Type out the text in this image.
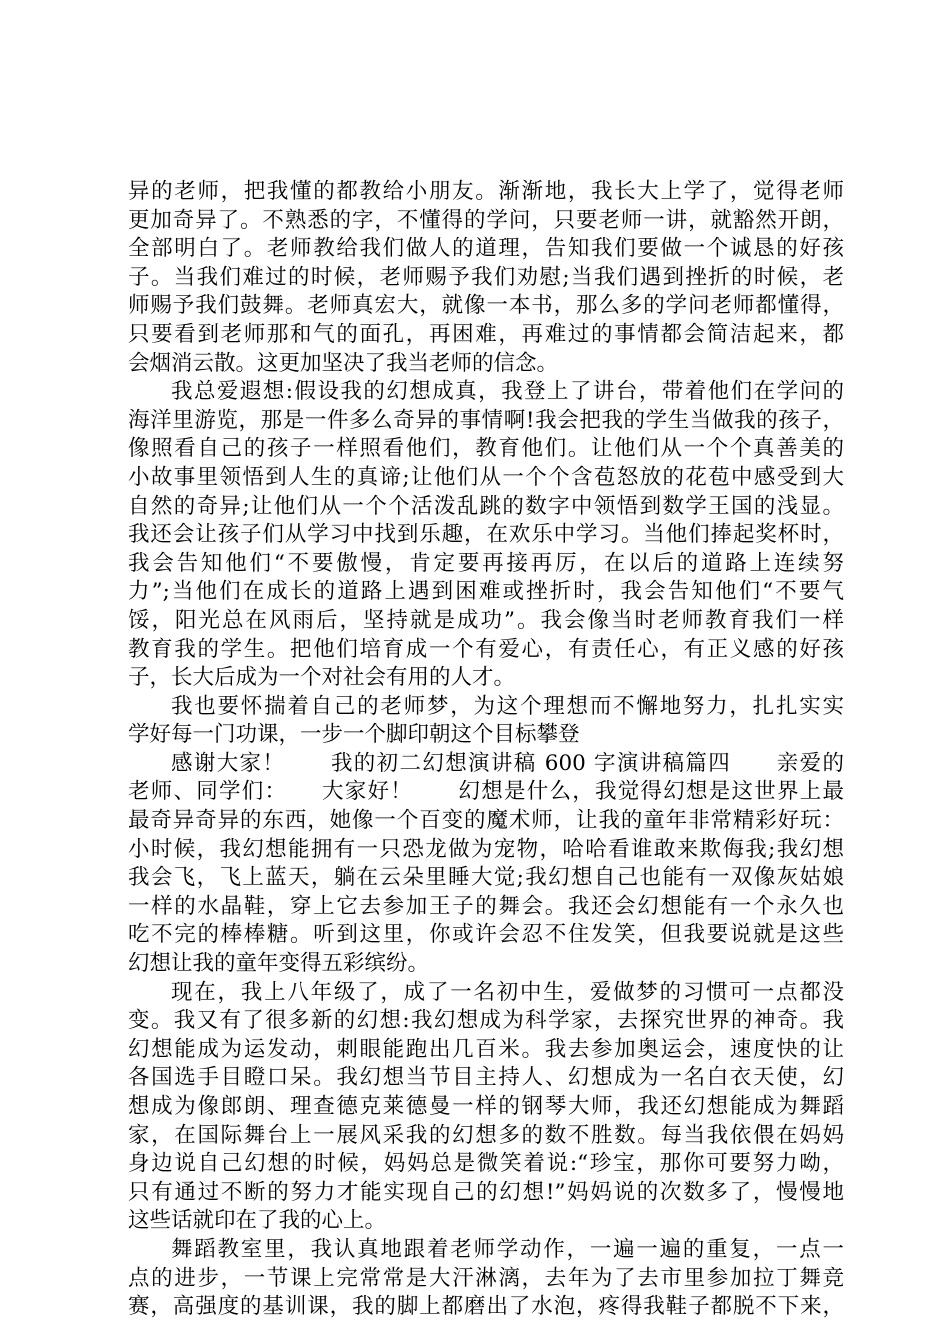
异的老师，把我懂的都教给小朋友。渐渐地，我长大上学了，觉得老师
更加奇异了。不熟悉的字，不懂得的学问，只要老师一讲，就豁然开朗，
全部明白了。老师教给我们做人的道理，告知我们要做一个诚恳的好孩
子。当我们难过的时候，老师赐予我们劝慰;当我们遇到挫折的时候，老
师赐予我们鼓舞。老师真宏大，就像一本书，那么多的学问老师都懂得，
只要看到老师那和气的面孔，再困难，再难过的事情都会简洁起来，都
会烟消云散。这更加坚决了我当老师的信念。
我总爱遐想:假设我的幻想成真，我登上了讲台，带着他们在学问的
海洋里游览，那是一件多么奇异的事情啊!我会把我的学生当做我的孩子，
像照看自己的孩子一样照看他们，教育他们。让他们从一个个真善美的
小故事里领悟到人生的真谛;让他们从一个个含苞怒放的花苞中感受到大
自然的奇异;让他们从一个个活泼乱跳的数字中领悟到数学王国的浅显。
我还会让孩子们从学习中找到乐趣，在欢乐中学习。当他们捧起奖杯时，
我会告知他们“不要傲慢，肯定要再接再厉，在以后的道路上连续努
力”;当他们在成长的道路上遇到困难或挫折时，我会告知他们“不要气
馁，阳光总在风雨后，坚持就是成功”。我会像当时老师教育我们一样
教育我的学生。把他们培育成一个有爱心，有责任心，有正义感的好孩
子，长大后成为一个对社会有用的人才。
我也要怀揣着自己的老师梦，为这个理想而不懈地努力，扎扎实实
学好每一门功课，一步一个脚印朝这个目标攀登
感谢大家！　　我的初二幻想演讲稿 600 字演讲稿篇四　　亲爱的
老师、同学们：　　大家好！　　幻想是什么，我觉得幻想是这世界上最
最奇异奇异的东西，她像一个百变的魔术师，让我的童年非常精彩好玩：
小时候，我幻想能拥有一只恐龙做为宠物，哈哈看谁敢来欺侮我;我幻想
我会飞，飞上蓝天，躺在云朵里睡大觉;我幻想自己也能有一双像灰姑娘
一样的水晶鞋，穿上它去参加王子的舞会。我还会幻想能有一个永久也
吃不完的棒棒糖。听到这里，你或许会忍不住发笑，但我要说就是这些
幻想让我的童年变得五彩缤纷。
现在，我上八年级了，成了一名初中生，爱做梦的习惯可一点都没
变。我又有了很多新的幻想:我幻想成为科学家，去探究世界的神奇。我
幻想能成为运发动，刺眼能跑出几百米。我去参加奥运会，速度快的让
各国选手目瞪口呆。我幻想当节目主持人、幻想成为一名白衣天使，幻
想成为像郎朗、理查德克莱德曼一样的钢琴大师，我还幻想能成为舞蹈
家，在国际舞台上一展风采我的幻想多的数不胜数。每当我依偎在妈妈
身边说自己幻想的时候，妈妈总是微笑着说:“珍宝，那你可要努力呦，
只有通过不断的努力才能实现自己的幻想!”妈妈说的次数多了，慢慢地
这些话就印在了我的心上。
舞蹈教室里，我认真地跟着老师学动作，一遍一遍的重复，一点一
点的进步，一节课上完常常是大汗淋漓，去年为了去市里参加拉丁舞竞
赛，高强度的基训课，我的脚上都磨出了水泡，疼得我鞋子都脱不下来，
